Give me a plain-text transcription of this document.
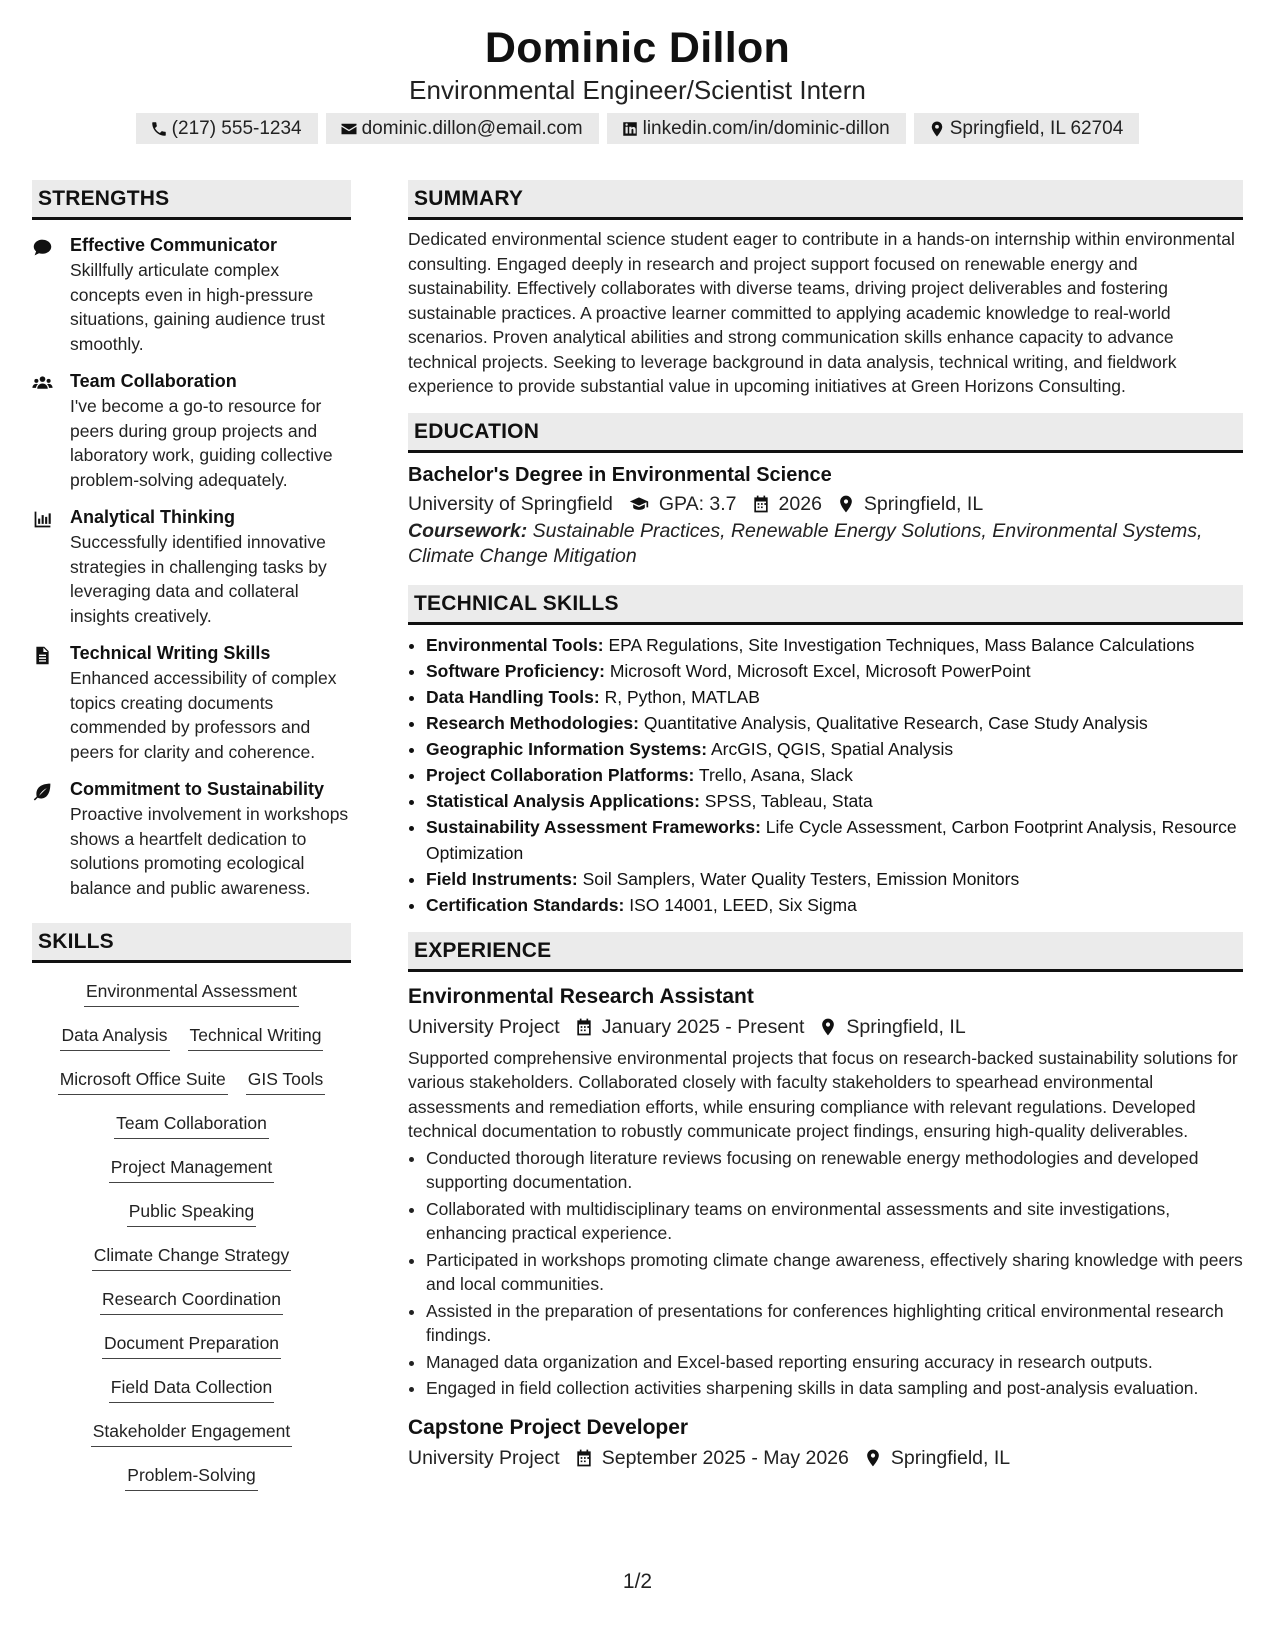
Dominic Dillon
Environmental Engineer/Scientist Intern
(217) 555-1234	dominic.dillon@email.com	linkedin.com/in/dominic-dillon	Springfield, IL 62704
STRENGTHS
Effective Communicator
Skillfully articulate complex concepts even in high-pressure situations, gaining audience trust smoothly.
Team Collaboration
I've become a go-to resource for peers during group projects and laboratory work, guiding collective problem-solving adequately.
Analytical Thinking
Successfully identified innovative strategies in challenging tasks by leveraging data and collateral insights creatively.
Technical Writing Skills
Enhanced accessibility of complex topics creating documents commended by professors and peers for clarity and coherence.
Commitment to Sustainability
Proactive involvement in workshops shows a heartfelt dedication to solutions promoting ecological balance and public awareness.
SKILLS
Environmental Assessment
Data Analysis Technical Writing
Microsoft Office Suite GIS Tools
Team Collaboration
Project Management
Public Speaking
Climate Change Strategy
Research Coordination
Document Preparation
Field Data Collection
Stakeholder Engagement
Problem-Solving
SUMMARY
Dedicated environmental science student eager to contribute in a hands-on internship within environmental consulting. Engaged deeply in research and project support focused on renewable energy and sustainability. Effectively collaborates with diverse teams, driving project deliverables and fostering sustainable practices. A proactive learner committed to applying academic knowledge to real-world scenarios. Proven analytical abilities and strong communication skills enhance capacity to advance technical projects. Seeking to leverage background in data analysis, technical writing, and fieldwork experience to provide substantial value in upcoming initiatives at Green Horizons Consulting.
EDUCATION
Bachelor's Degree in Environmental Science
University of Springfield GPA: 3.7 2026 Springfield, IL
Coursework: Sustainable Practices, Renewable Energy Solutions, Environmental Systems, Climate Change Mitigation
TECHNICAL SKILLS
• Environmental Tools: EPA Regulations, Site Investigation Techniques, Mass Balance Calculations
• Software Proficiency: Microsoft Word, Microsoft Excel, Microsoft PowerPoint
• Data Handling Tools: R, Python, MATLAB
• Research Methodologies: Quantitative Analysis, Qualitative Research, Case Study Analysis
• Geographic Information Systems: ArcGIS, QGIS, Spatial Analysis
• Project Collaboration Platforms: Trello, Asana, Slack
• Statistical Analysis Applications: SPSS, Tableau, Stata
• Sustainability Assessment Frameworks: Life Cycle Assessment, Carbon Footprint Analysis, Resource Optimization
• Field Instruments: Soil Samplers, Water Quality Testers, Emission Monitors
• Certification Standards: ISO 14001, LEED, Six Sigma
EXPERIENCE
Environmental Research Assistant
University Project January 2025 - Present Springfield, IL
Supported comprehensive environmental projects that focus on research-backed sustainability solutions for various stakeholders. Collaborated closely with faculty stakeholders to spearhead environmental assessments and remediation efforts, while ensuring compliance with relevant regulations. Developed technical documentation to robustly communicate project findings, ensuring high-quality deliverables.
• Conducted thorough literature reviews focusing on renewable energy methodologies and developed supporting documentation.
• Collaborated with multidisciplinary teams on environmental assessments and site investigations, enhancing practical experience.
• Participated in workshops promoting climate change awareness, effectively sharing knowledge with peers and local communities.
• Assisted in the preparation of presentations for conferences highlighting critical environmental research findings.
• Managed data organization and Excel-based reporting ensuring accuracy in research outputs.
• Engaged in field collection activities sharpening skills in data sampling and post-analysis evaluation.
Capstone Project Developer
University Project September 2025 - May 2026 Springfield, IL
1/2
